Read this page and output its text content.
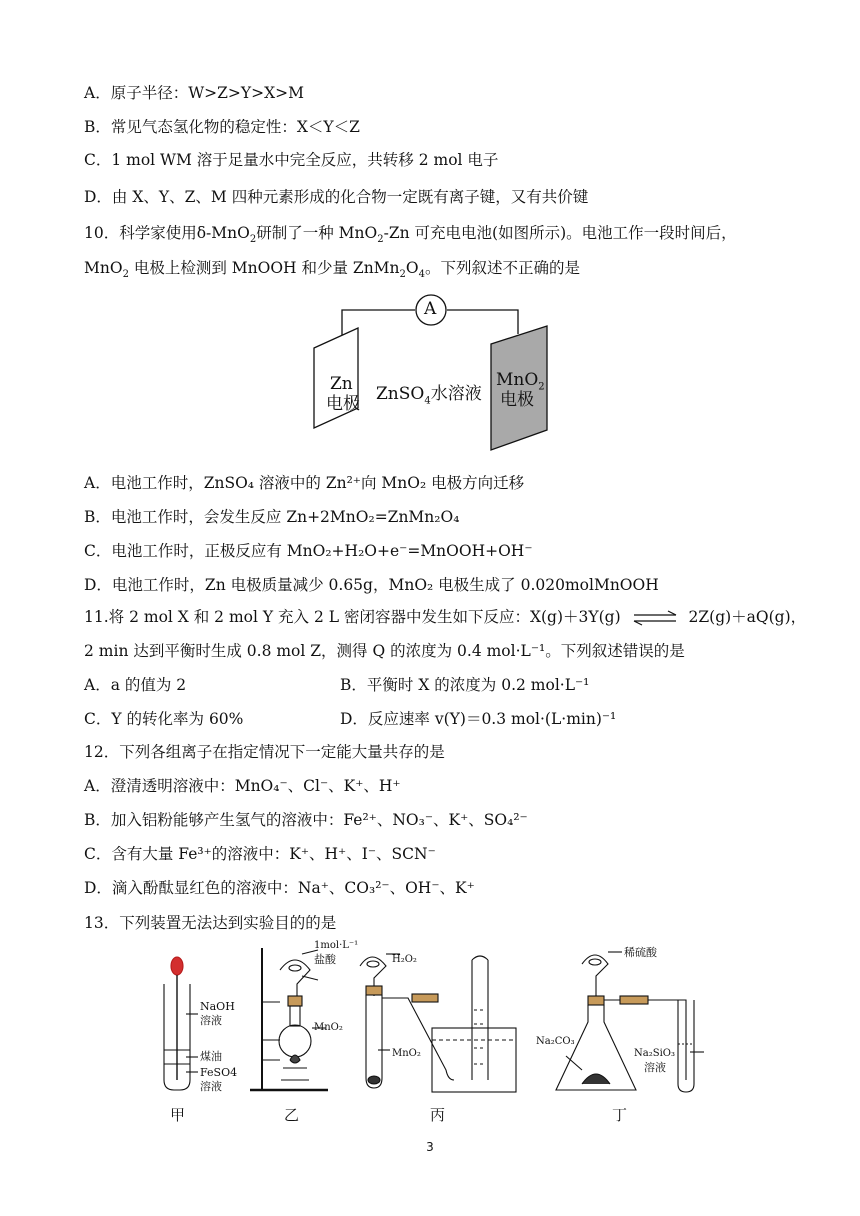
A．原子半径：W>Z>Y>X>M
B．常见气态氢化物的稳定性：X＜Y＜Z
C．1 mol WM 溶于足量水中完全反应，共转移 2 mol 电子
D．由 X、Y、Z、M 四种元素形成的化合物一定既有离子键，又有共价键
10．科学家使用δ-MnO$_2$研制了一种 MnO$_2$-Zn 可充电电池(如图所示)。电池工作一段时间后，
MnO$_2$ 电极上检测到 MnOOH 和少量 $ZnMn_2O_4$。下列叙述不正确的是
A
Zn
电极 ZnSO$_4$水溶液
MnO$_2$
电极
A．电池工作时，ZnSO₄ 溶液中的 Zn²⁺向 MnO₂ 电极方向迁移
B．电池工作时，会发生反应 Zn+2MnO₂=ZnMn₂O₄
C．电池工作时，正极反应有 MnO₂+H₂O+e⁻=MnOOH+OH⁻
D．电池工作时，Zn 电极质量减少 0.65g，MnO₂ 电极生成了 0.020molMnOOH
11.将 2 mol X 和 2 mol Y 充入 2 L 密闭容器中发生如下反应：X(g)＋3Y(g) ⇌ 2Z(g)＋aQ(g)，
2 min 达到平衡时生成 0.8 mol Z，测得 Q 的浓度为 0.4 mol·L⁻¹。下列叙述错误的是
A．a 的值为 2	B．平衡时 X 的浓度为 0.2 mol·L⁻¹
C．Y 的转化率为 60%	D．反应速率 v(Y)＝0.3 mol·(L·min)⁻¹
12．下列各组离子在指定情况下一定能大量共存的是
A．澄清透明溶液中：MnO₄⁻、Cl⁻、K⁺、H⁺
B．加入铝粉能够产生氢气的溶液中：Fe²⁺、NO₃⁻、K⁺、SO₄²⁻
C．含有大量 Fe³⁺的溶液中：K⁺、H⁺、I⁻、SCN⁻
D．滴入酚酞显红色的溶液中：Na⁺、CO₃²⁻、OH⁻、K⁺
13．下列装置无法达到实验目的的是
NaOH
溶液
煤油
FeSO4
溶液
甲
1mol·L⁻¹
盐酸
MnO₂
乙
H₂O₂
MnO₂
丙
稀硫酸
Na₂CO₃
Na₂SiO₃
溶液
丁
3
